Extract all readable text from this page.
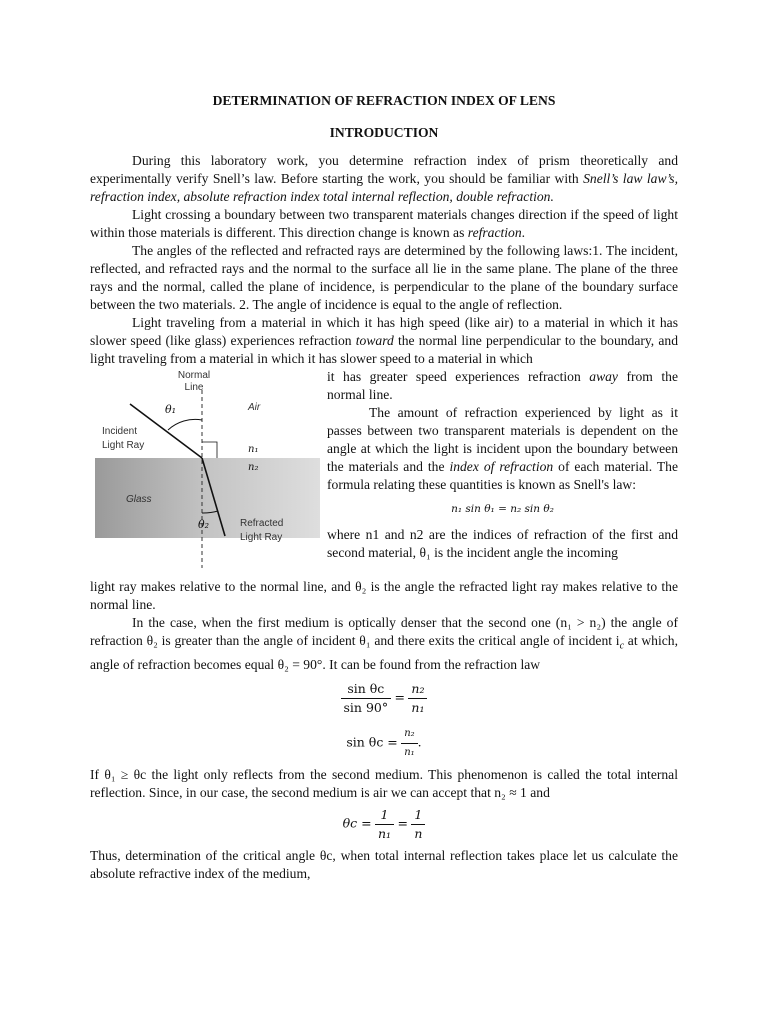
DETERMINATION OF REFRACTION INDEX OF LENS
INTRODUCTION

During this laboratory work, you determine refraction index of prism theoretically and experimentally verify Snell’s law. Before starting the work, you should be familiar with Snell’s law law’s, refraction index, absolute refraction index total internal reflection, double refraction.

Light crossing a boundary between two transparent materials changes direction if the speed of light within those materials is different. This direction change is known as refraction.

The angles of the reflected and refracted rays are determined by the following laws:1. The incident, reflected, and refracted rays and the normal to the surface all lie in the same plane. The plane of the three rays and the normal, called the plane of incidence, is perpendicular to the plane of the boundary surface between the two materials. 2. The angle of incidence is equal to the angle of reflection.

Light traveling from a material in which it has high speed (like air) to a material in which it has slower speed (like glass) experiences refraction toward the normal line perpendicular to the boundary, and light traveling from a material in which it has slower speed to a material in which

Normal
Line
θ₁	Air
Incident
Light Ray	n₁
n₂
Glass
θ₂	Refracted
Light Ray

it has greater speed experiences refraction away from the normal line.

The amount of refraction experienced by light as it passes between two transparent materials is dependent on the angle at which the light is incident upon the boundary between the materials and the index of refraction of each material. The formula relating these quantities is known as Snell's law:

n₁ sin θ₁ = n₂ sin θ₂

where n1 and n2 are the indices of refraction of the first and second material, θ₁ is the incident angle the incoming

light ray makes relative to the normal line, and θ₂ is the angle the refracted light ray makes relative to the normal line.

In the case, when the first medium is optically denser that the second one (n₁ > n₂) the angle of refraction θ₂ is greater than the angle of incident θ₁ and there exits the critical angle of incident $i_c$ at which, angle of refraction becomes equal θ₂ = 90°. It can be found from the refraction law

$\frac{\text{sin θc}}{\sin 90^\circ} = \frac{\text{n₂}}{\text{n₁}}$
$\sin \theta c = \frac{\text{n₂}}{\text{n₁}}$ .

If θ₁ ≥ θc the light only reflects from the second medium. This phenomenon is called the total internal reflection. Since, in our case, the second medium is air we can accept that n₂ ≈ 1 and

$\theta c = \frac{1}{\text{n₁}} = \frac{1}{n}$

Thus, determination of the critical angle θc, when total internal reflection takes place let us calculate the absolute refractive index of the medium,
